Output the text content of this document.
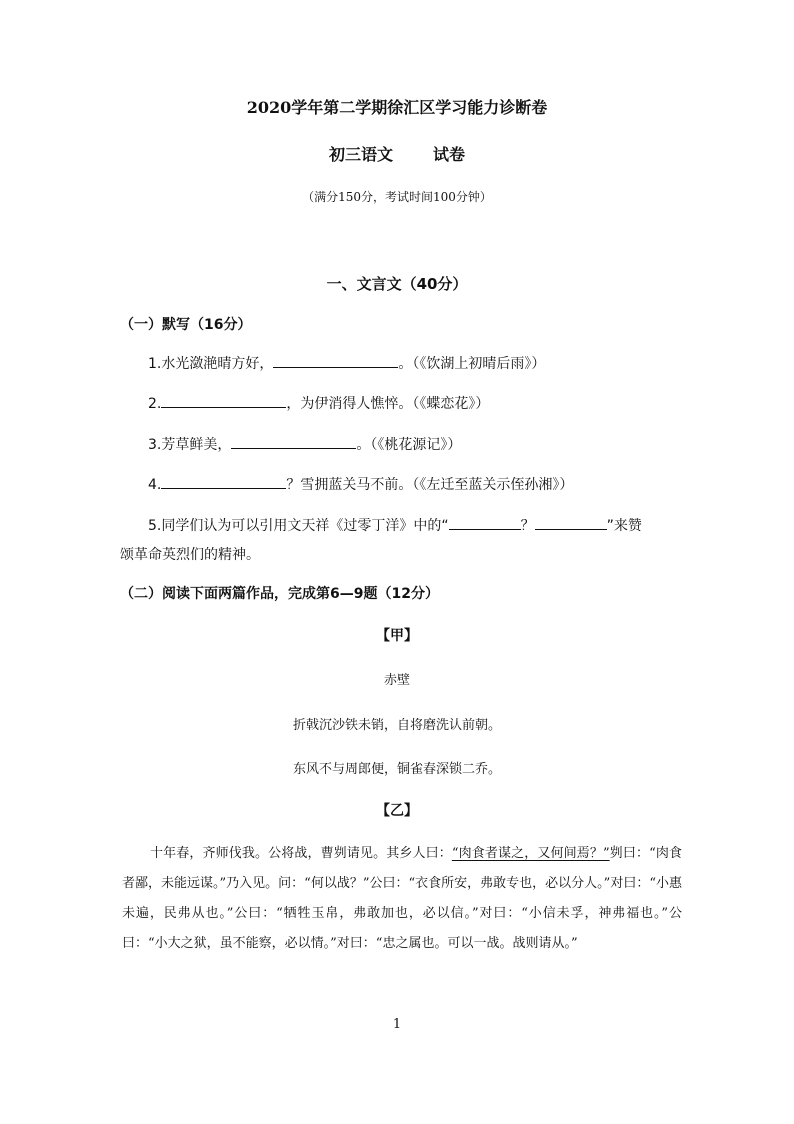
2020学年第二学期徐汇区学习能力诊断卷
初三语文	试卷
（满分150分，考试时间100分钟）
一、文言文（40分）
（一）默写（16分）
1.水光潋滟晴方好，	。（《饮湖上初晴后雨》）
2.	，为伊消得人憔悴。（《蝶恋花》）
3.芳草鲜美，	。（《桃花源记》）
4.	？雪拥蓝关马不前。（《左迁至蓝关示侄孙湘》）
5.同学们认为可以引用文天祥《过零丁洋》中的“	？	”来赞
颂革命英烈们的精神。
（二）阅读下面两篇作品，完成第6—9题（12分）
【甲】
赤壁
折戟沉沙铁未销，自将磨洗认前朝。
东风不与周郎便，铜雀春深锁二乔。
【乙】

十年春，齐师伐我。公将战，曹刿请见。其乡人曰：“肉食者谋之，又何间焉？”刿曰：“肉食者鄙，未能远谋。”乃入见。问：“何以战？”公曰：“衣食所安，弗敢专也，必以分人。”对曰：“小惠未遍，民弗从也。”公曰：“牺牲玉帛，弗敢加也，必以信。”对曰：“小信未孚，神弗福也。”公曰：“小大之狱，虽不能察，必以情。”对曰：“忠之属也。可以一战。战则请从。”

1
